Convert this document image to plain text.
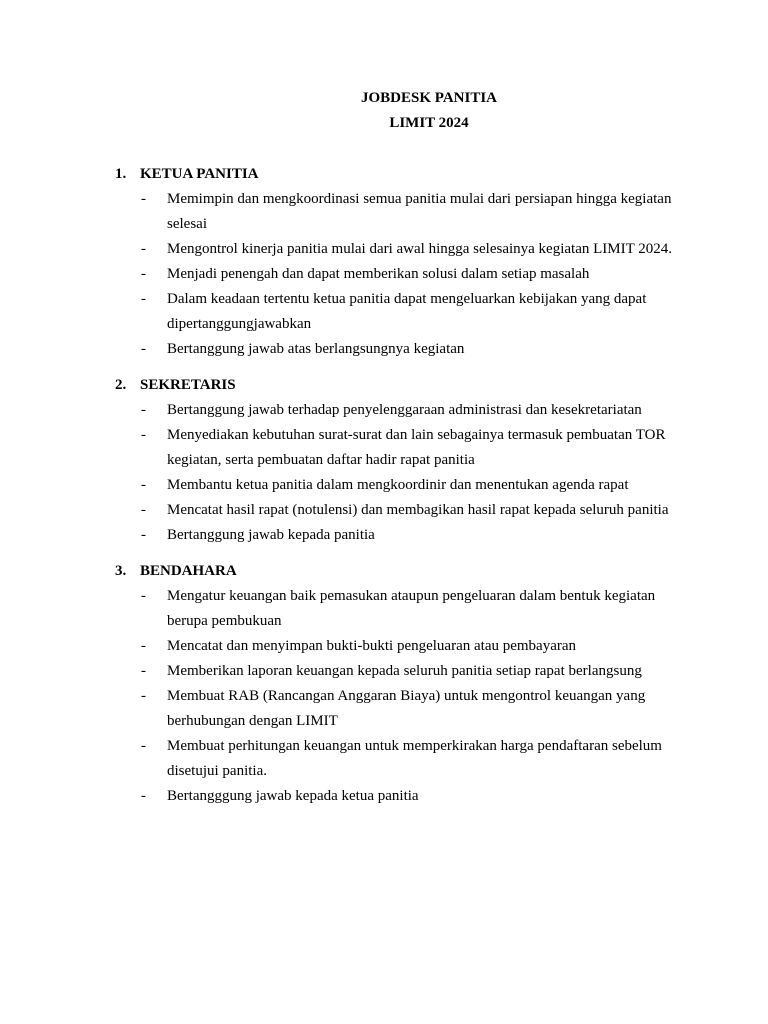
JOBDESK PANITIA
LIMIT 2024
1. KETUA PANITIA
- Memimpin dan mengkoordinasi semua panitia mulai dari persiapan hingga kegiatan selesai
- Mengontrol kinerja panitia mulai dari awal hingga selesainya kegiatan LIMIT 2024.
- Menjadi penengah dan dapat memberikan solusi dalam setiap masalah
- Dalam keadaan tertentu ketua panitia dapat mengeluarkan kebijakan yang dapat dipertanggungjawabkan
- Bertanggung jawab atas berlangsungnya kegiatan
2. SEKRETARIS
- Bertanggung jawab terhadap penyelenggaraan administrasi dan kesekretariatan
- Menyediakan kebutuhan surat-surat dan lain sebagainya termasuk pembuatan TOR kegiatan, serta pembuatan daftar hadir rapat panitia
- Membantu ketua panitia dalam mengkoordinir dan menentukan agenda rapat
- Mencatat hasil rapat (notulensi) dan membagikan hasil rapat kepada seluruh panitia
- Bertanggung jawab kepada panitia
3. BENDAHARA
- Mengatur keuangan baik pemasukan ataupun pengeluaran dalam bentuk kegiatan berupa pembukuan
- Mencatat dan menyimpan bukti-bukti pengeluaran atau pembayaran
- Memberikan laporan keuangan kepada seluruh panitia setiap rapat berlangsung
- Membuat RAB (Rancangan Anggaran Biaya) untuk mengontrol keuangan yang berhubungan dengan LIMIT
- Membuat perhitungan keuangan untuk memperkirakan harga pendaftaran sebelum disetujui panitia.
- Bertangggung jawab kepada ketua panitia
